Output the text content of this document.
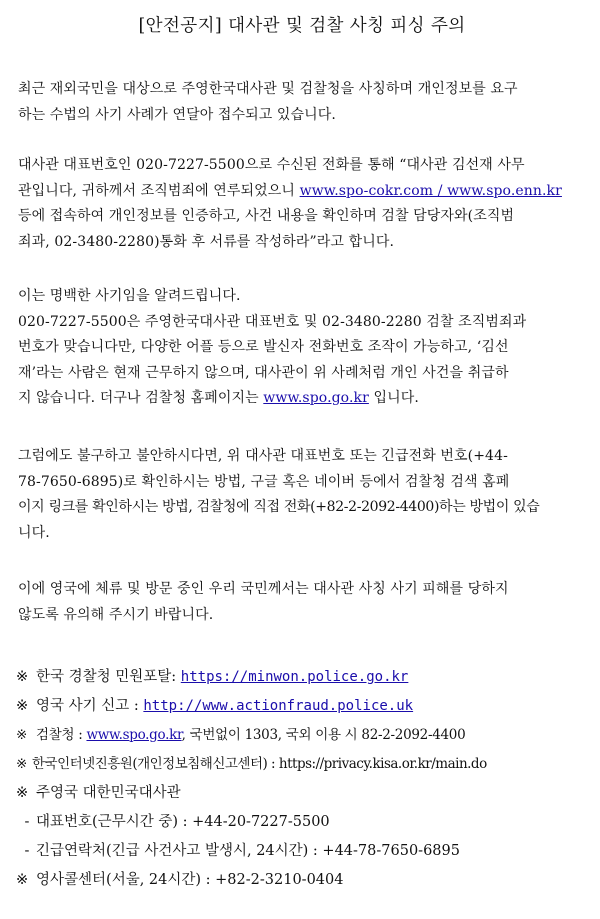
[안전공지] 대사관 및 검찰 사칭 피싱 주의

최근 재외국민을 대상으로 주영한국대사관 및 검찰청을 사칭하며 개인정보를 요구
하는 수법의 사기 사례가 연달아 접수되고 있습니다.

대사관 대표번호인 020-7227-5500으로 수신된 전화를 통해 “대사관 김선재 사무
관입니다, 귀하께서 조직범죄에 연루되었으니 www.spo-cokr.com / www.spo.enn.kr
등에 접속하여 개인정보를 인증하고, 사건 내용을 확인하며 검찰 담당자와(조직범
죄과, 02-3480-2280)통화 후 서류를 작성하라”라고 합니다.

이는 명백한 사기임을 알려드립니다.
020-7227-5500은 주영한국대사관 대표번호 및 02-3480-2280 검찰 조직범죄과
번호가 맞습니다만, 다양한 어플 등으로 발신자 전화번호 조작이 가능하고, ‘김선
재’라는 사람은 현재 근무하지 않으며, 대사관이 위 사례처럼 개인 사건을 취급하
지 않습니다. 더구나 검찰청 홈페이지는 www.spo.go.kr 입니다.

그럼에도 불구하고 불안하시다면, 위 대사관 대표번호 또는 긴급전화 번호(+44-
78-7650-6895)로 확인하시는 방법, 구글 혹은 네이버 등에서 검찰청 검색 홈페
이지 링크를 확인하시는 방법, 검찰청에 직접 전화(+82-2-2092-4400)하는 방법이 있습
니다.

이에 영국에 체류 및 방문 중인 우리 국민께서는 대사관 사칭 사기 피해를 당하지
않도록 유의해 주시기 바랍니다.

※ 한국 경찰청 민원포탈: https://minwon.police.go.kr
※ 영국 사기 신고 : http://www.actionfraud.police.uk
※ 검찰청 : www.spo.go.kr, 국번없이 1303, 국외 이용 시 82-2-2092-4400
※ 한국인터넷진흥원(개인정보침해신고센터) : https://privacy.kisa.or.kr/main.do
※ 주영국 대한민국대사관
- 대표번호(근무시간 중) : +44-20-7227-5500
- 긴급연락처(긴급 사건사고 발생시, 24시간) : +44-78-7650-6895
※ 영사콜센터(서울, 24시간) : +82-2-3210-0404
